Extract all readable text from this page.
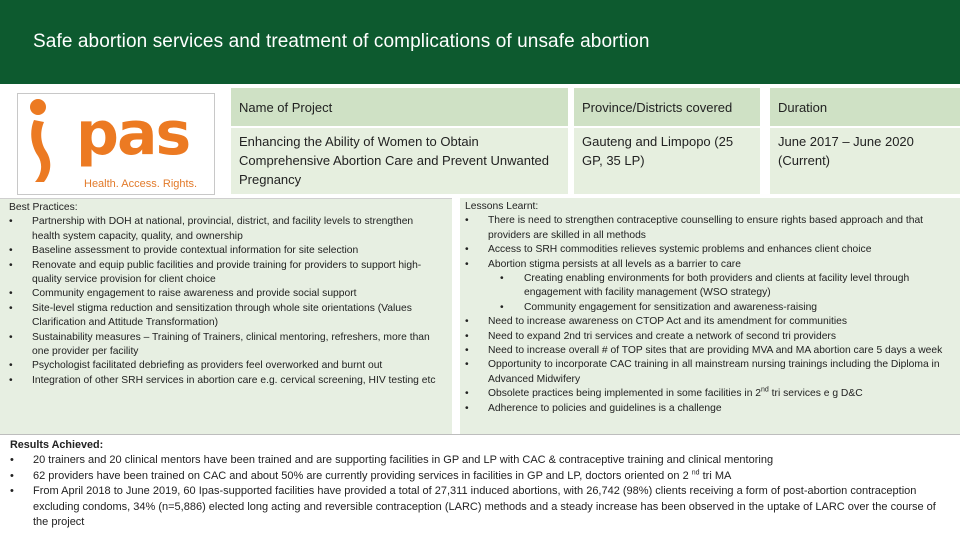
Safe abortion services and treatment of complications of unsafe abortion
pas
Health. Access. Rights.
Name of Project	Province/Districts covered	Duration
Enhancing the Ability of Women to Obtain Comprehensive Abortion Care and Prevent Unwanted Pregnancy
Gauteng and Limpopo (25 GP, 35 LP)
June 2017 – June 2020 (Current)
Best Practices:
• Partnership with DOH at national, provincial, district, and facility levels to strengthen health system capacity, quality, and ownership
• Baseline assessment to provide contextual information for site selection
• Renovate and equip public facilities and provide training for providers to support high-quality service provision for client choice
• Community engagement to raise awareness and provide social support
• Site-level stigma reduction and sensitization through whole site orientations (Values Clarification and Attitude Transformation)
• Sustainability measures – Training of Trainers, clinical mentoring, refreshers, more than one provider per facility
• Psychologist facilitated debriefing as providers feel overworked and burnt out
• Integration of other SRH services in abortion care e.g. cervical screening, HIV testing etc
Lessons Learnt:
• There is need to strengthen contraceptive counselling to ensure rights based approach and that providers are skilled in all methods
• Access to SRH commodities relieves systemic problems and enhances client choice
• Abortion stigma persists at all levels as a barrier to care
• Creating enabling environments for both providers and clients at facility level through engagement with facility management (WSO strategy)
• Community engagement for sensitization and awareness-raising
• Need to increase awareness on CTOP Act and its amendment for communities
• Need to expand 2nd tri services and create a network of second tri providers
• Need to increase overall # of TOP sites that are providing MVA and MA abortion care 5 days a week
• Opportunity to incorporate CAC training in all mainstream nursing trainings including the Diploma in Advanced Midwifery
• Obsolete practices being implemented in some facilities in 2nd tri services e g D&C
• Adherence to policies and guidelines is a challenge
Results Achieved:
• 20 trainers and 20 clinical mentors have been trained and are supporting facilities in GP and LP with CAC & contraceptive training and clinical mentoring
• 62 providers have been trained on CAC and about 50% are currently providing services in facilities in GP and LP, doctors oriented on 2 $^{nd}$ tri MA
• From April 2018 to June 2019, 60 Ipas-supported facilities have provided a total of 27,311 induced abortions, with 26,742 (98%) clients receiving a form of post-abortion contraception excluding condoms, 34% (n=5,886) elected long acting and reversible contraception (LARC) methods and a steady increase has been observed in the uptake of LARC over the course of the project
